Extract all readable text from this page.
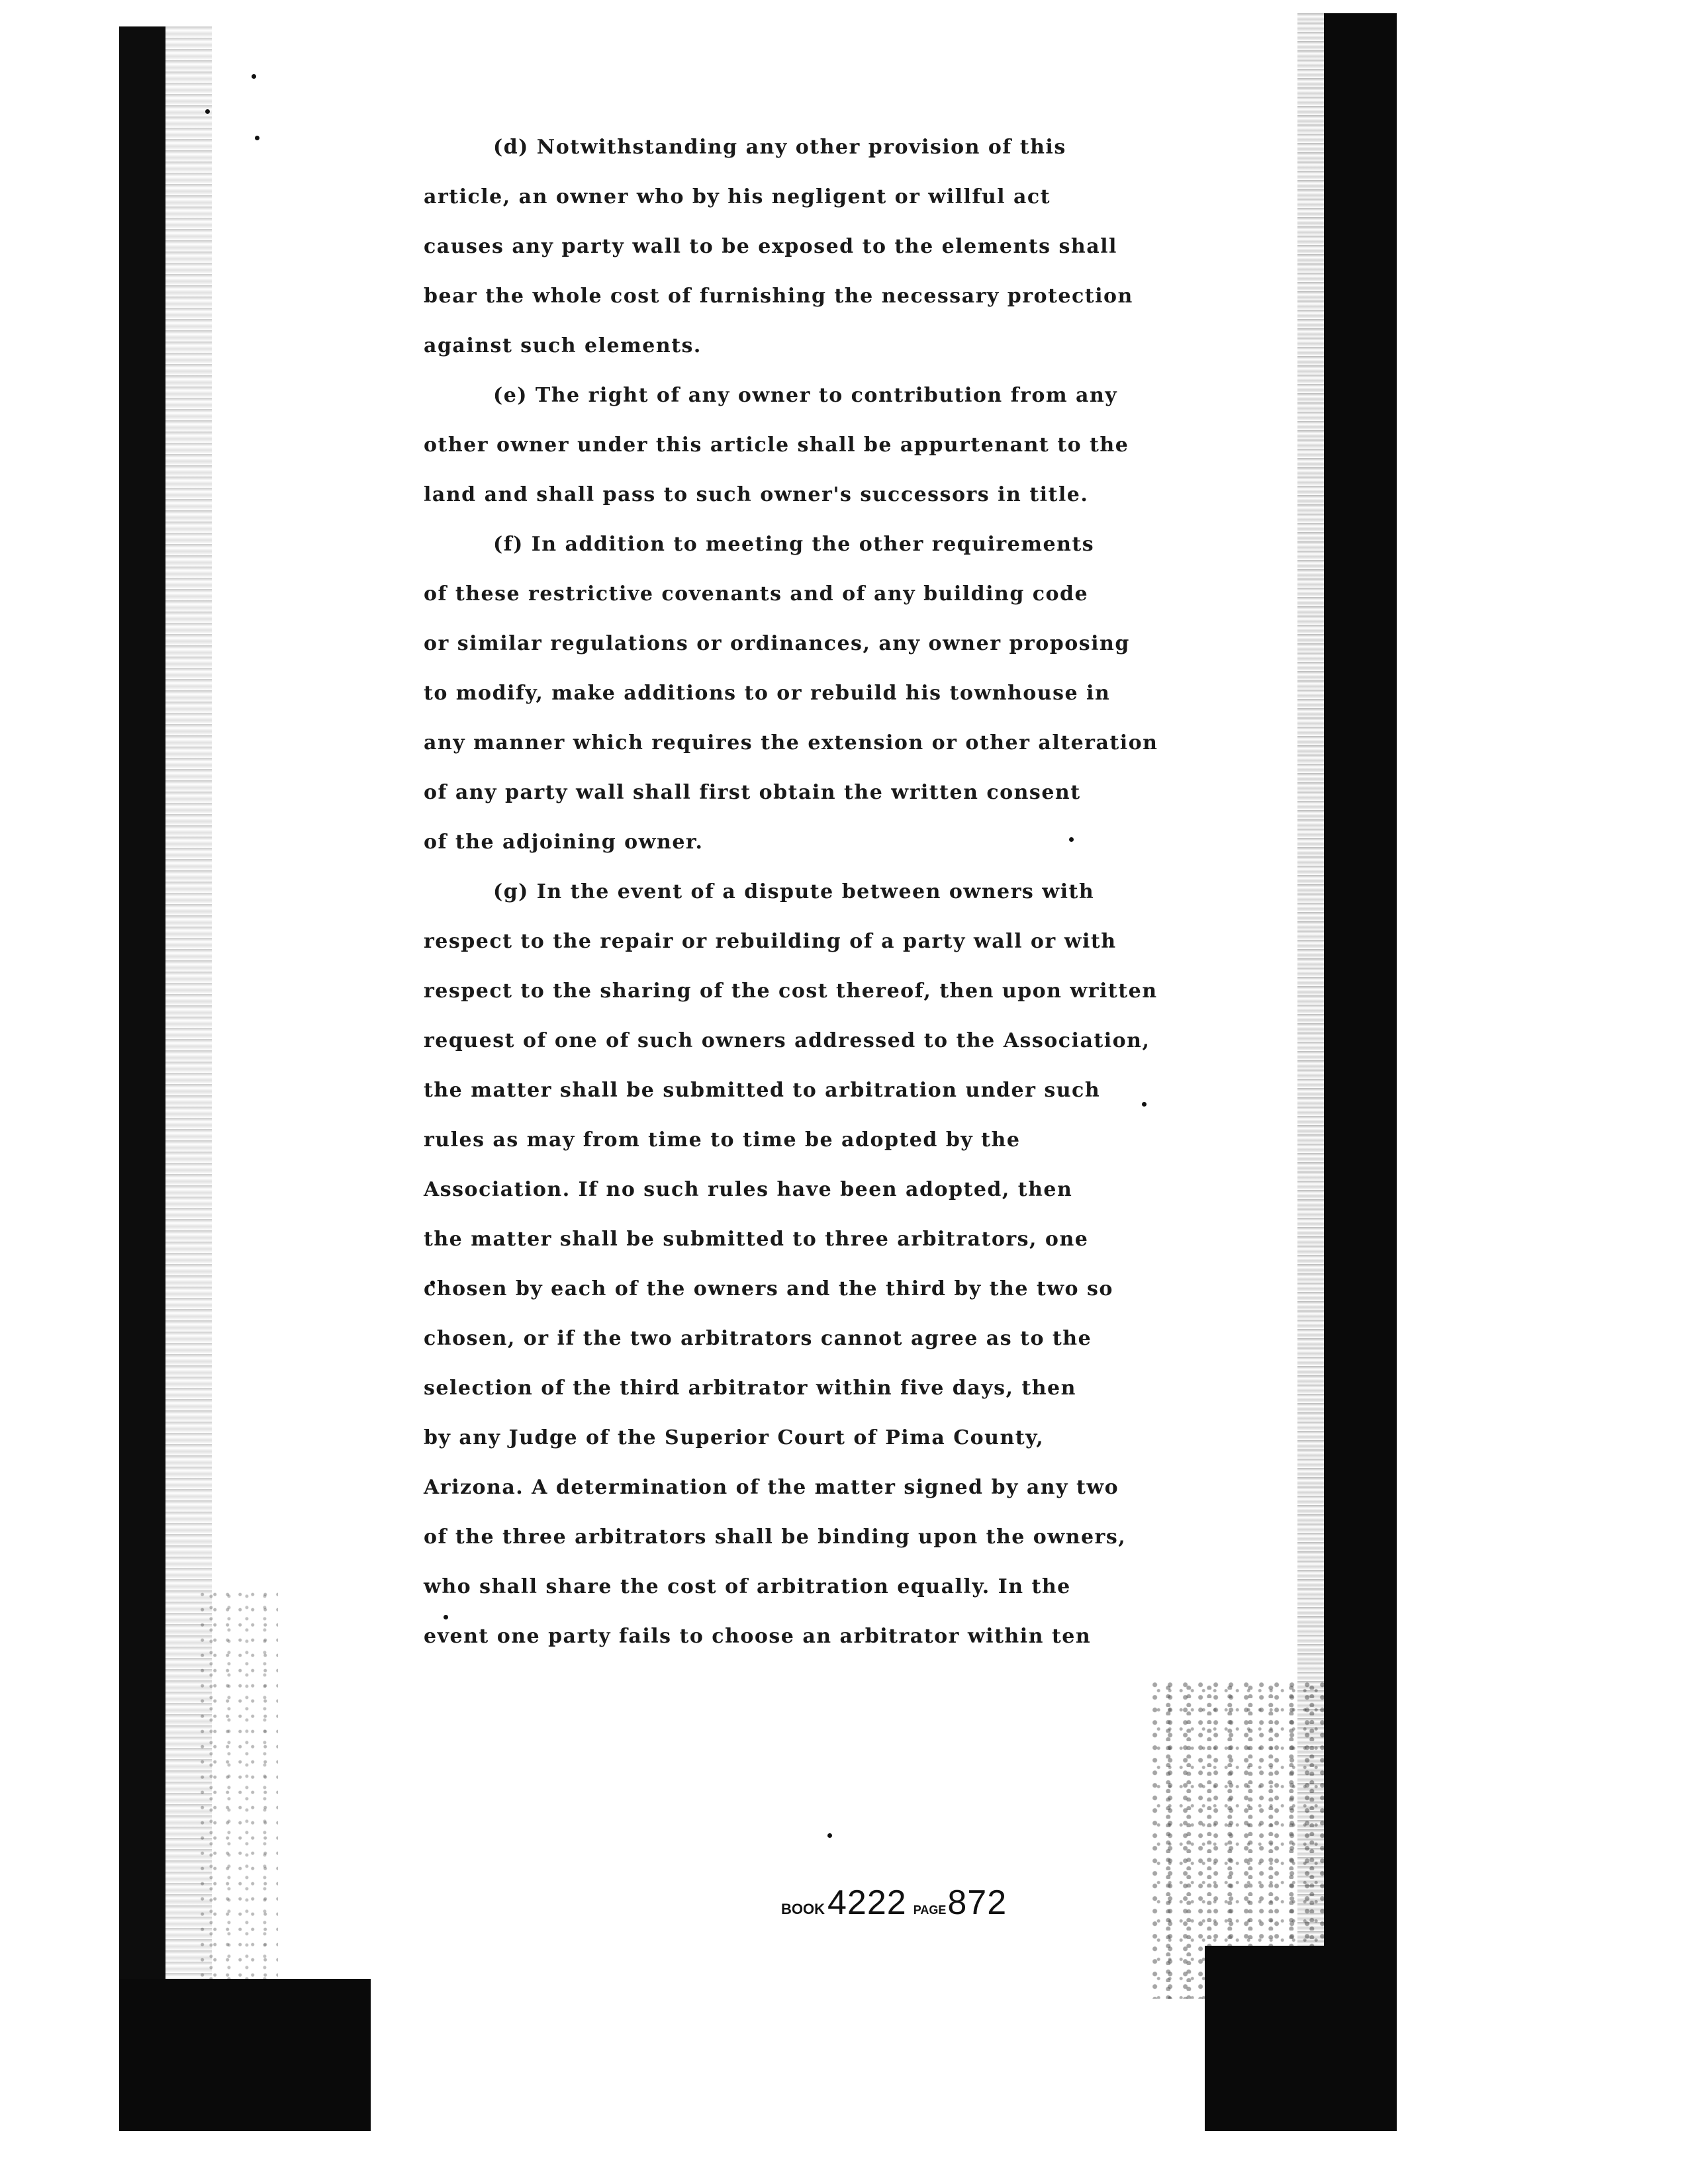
(d) Notwithstanding any other provision of this
article, an owner who by his negligent or willful act
causes any party wall to be exposed to the elements shall
bear the whole cost of furnishing the necessary protection
against such elements.
(e) The right of any owner to contribution from any
other owner under this article shall be appurtenant to the
land and shall pass to such owner's successors in title.
(f) In addition to meeting the other requirements
of these restrictive covenants and of any building code
or similar regulations or ordinances, any owner proposing
to modify, make additions to or rebuild his townhouse in
any manner which requires the extension or other alteration
of any party wall shall first obtain the written consent
of the adjoining owner.
(g) In the event of a dispute between owners with
respect to the repair or rebuilding of a party wall or with
respect to the sharing of the cost thereof, then upon written
request of one of such owners addressed to the Association,
the matter shall be submitted to arbitration under such
rules as may from time to time be adopted by the
Association. If no such rules have been adopted, then
the matter shall be submitted to three arbitrators, one
chosen by each of the owners and the third by the two so
chosen, or if the two arbitrators cannot agree as to the
selection of the third arbitrator within five days, then
by any Judge of the Superior Court of Pima County,
Arizona. A determination of the matter signed by any two
of the three arbitrators shall be binding upon the owners,
who shall share the cost of arbitration equally. In the
event one party fails to choose an arbitrator within ten
BOOK4222 PAGE872
